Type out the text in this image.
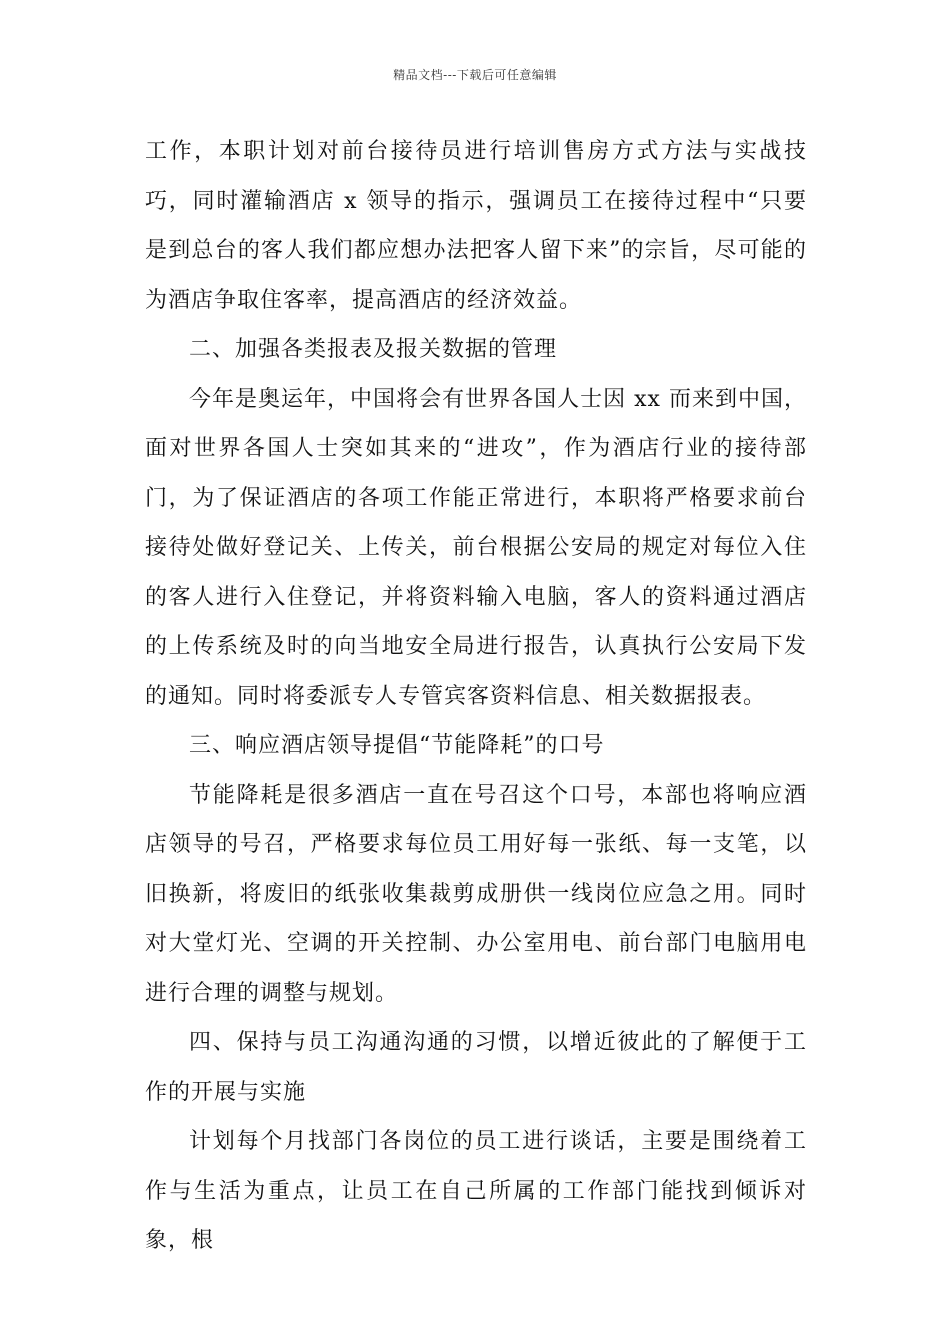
精品文档---下载后可任意编辑

工作，本职计划对前台接待员进行培训售房方式方法与实战技巧，同时灌输酒店 x 领导的指示，强调员工在接待过程中“只要是到总台的客人我们都应想办法把客人留下来”的宗旨，尽可能的为酒店争取住客率，提高酒店的经济效益。

二、加强各类报表及报关数据的管理

今年是奥运年，中国将会有世界各国人士因 xx 而来到中国，面对世界各国人士突如其来的“进攻”，作为酒店行业的接待部门，为了保证酒店的各项工作能正常进行，本职将严格要求前台接待处做好登记关、上传关，前台根据公安局的规定对每位入住的客人进行入住登记，并将资料输入电脑，客人的资料通过酒店的上传系统及时的向当地安全局进行报告，认真执行公安局下发的通知。同时将委派专人专管宾客资料信息、相关数据报表。

三、响应酒店领导提倡“节能降耗”的口号

节能降耗是很多酒店一直在号召这个口号，本部也将响应酒店领导的号召，严格要求每位员工用好每一张纸、每一支笔，以旧换新，将废旧的纸张收集裁剪成册供一线岗位应急之用。同时对大堂灯光、空调的开关控制、办公室用电、前台部门电脑用电进行合理的调整与规划。

四、保持与员工沟通沟通的习惯，以增近彼此的了解便于工作的开展与实施

计划每个月找部门各岗位的员工进行谈话，主要是围绕着工作与生活为重点，让员工在自己所属的工作部门能找到倾诉对象，根
